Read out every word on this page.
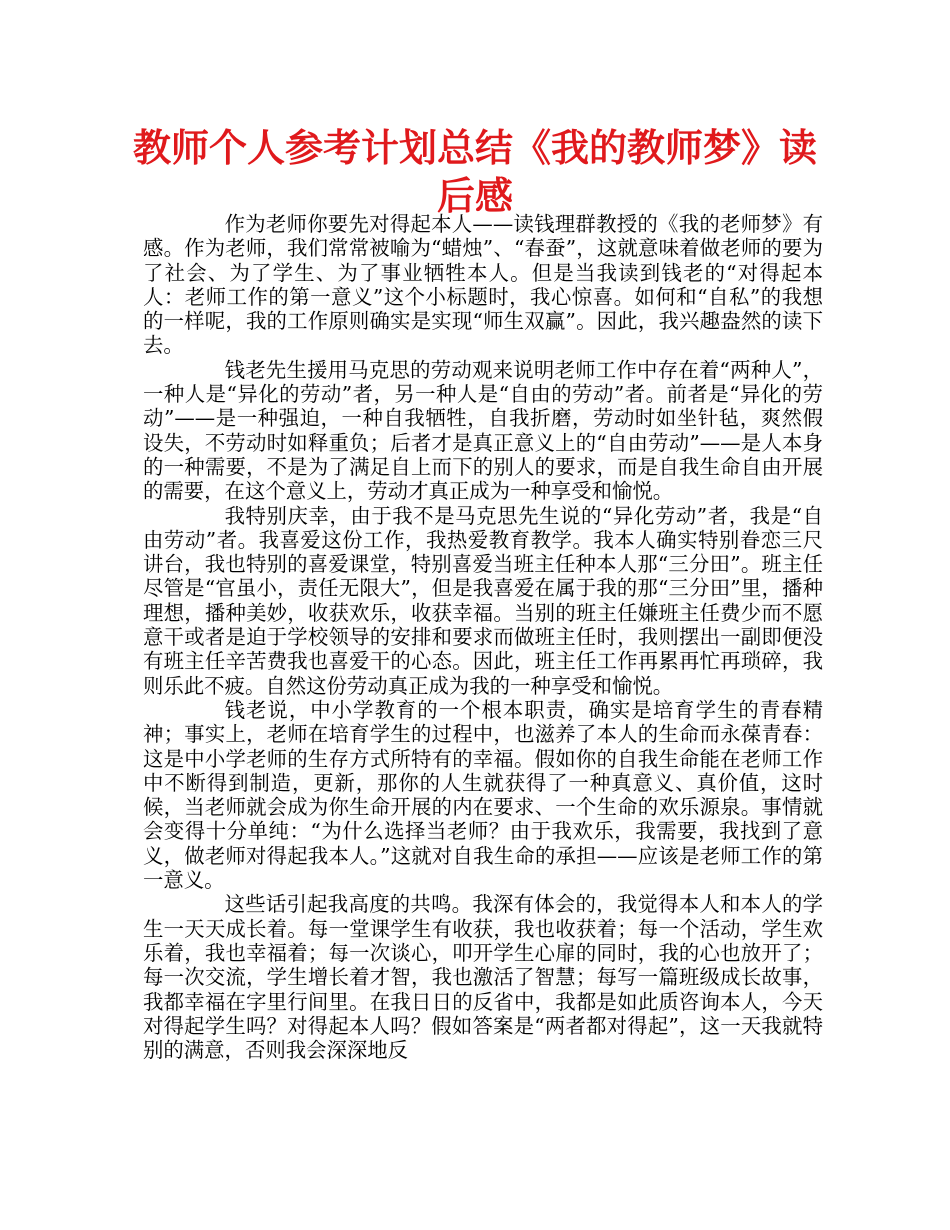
教师个人参考计划总结《我的教师梦》读后感

作为老师你要先对得起本人——读钱理群教授的《我的老师梦》有感。作为老师，我们常常被喻为“蜡烛”、“春蚕”，这就意味着做老师的要为了社会、为了学生、为了事业牺牲本人。但是当我读到钱老的“对得起本人：老师工作的第一意义”这个小标题时，我心惊喜。如何和“自私”的我想的一样呢，我的工作原则确实是实现“师生双赢”。因此，我兴趣盎然的读下去。

钱老先生援用马克思的劳动观来说明老师工作中存在着“两种人”，一种人是“异化的劳动”者，另一种人是“自由的劳动”者。前者是“异化的劳动”——是一种强迫，一种自我牺牲，自我折磨，劳动时如坐针毡，爽然假设失，不劳动时如释重负；后者才是真正意义上的“自由劳动”——是人本身的一种需要，不是为了满足自上而下的别人的要求，而是自我生命自由开展的需要，在这个意义上，劳动才真正成为一种享受和愉悦。

我特别庆幸，由于我不是马克思先生说的“异化劳动”者，我是“自由劳动”者。我喜爱这份工作，我热爱教育教学。我本人确实特别眷恋三尺讲台，我也特别的喜爱课堂，特别喜爱当班主任种本人那“三分田”。班主任尽管是“官虽小，责任无限大”，但是我喜爱在属于我的那“三分田”里，播种理想，播种美妙，收获欢乐，收获幸福。当别的班主任嫌班主任费少而不愿意干或者是迫于学校领导的安排和要求而做班主任时，我则摆出一副即便没有班主任辛苦费我也喜爱干的心态。因此，班主任工作再累再忙再琐碎，我则乐此不疲。自然这份劳动真正成为我的一种享受和愉悦。

钱老说，中小学教育的一个根本职责，确实是培育学生的青春精神；事实上，老师在培育学生的过程中，也滋养了本人的生命而永葆青春：这是中小学老师的生存方式所特有的幸福。假如你的自我生命能在老师工作中不断得到制造，更新，那你的人生就获得了一种真意义、真价值，这时候，当老师就会成为你生命开展的内在要求、一个生命的欢乐源泉。事情就会变得十分单纯：“为什么选择当老师？由于我欢乐，我需要，我找到了意义，做老师对得起我本人。”这就对自我生命的承担——应该是老师工作的第一意义。

这些话引起我高度的共鸣。我深有体会的，我觉得本人和本人的学生一天天成长着。每一堂课学生有收获，我也收获着；每一个活动，学生欢乐着，我也幸福着；每一次谈心，叩开学生心扉的同时，我的心也放开了；每一次交流，学生增长着才智，我也激活了智慧；每写一篇班级成长故事，我都幸福在字里行间里。在我日日的反省中，我都是如此质咨询本人，今天对得起学生吗？对得起本人吗？假如答案是“两者都对得起”，这一天我就特别的满意，否则我会深深地反
